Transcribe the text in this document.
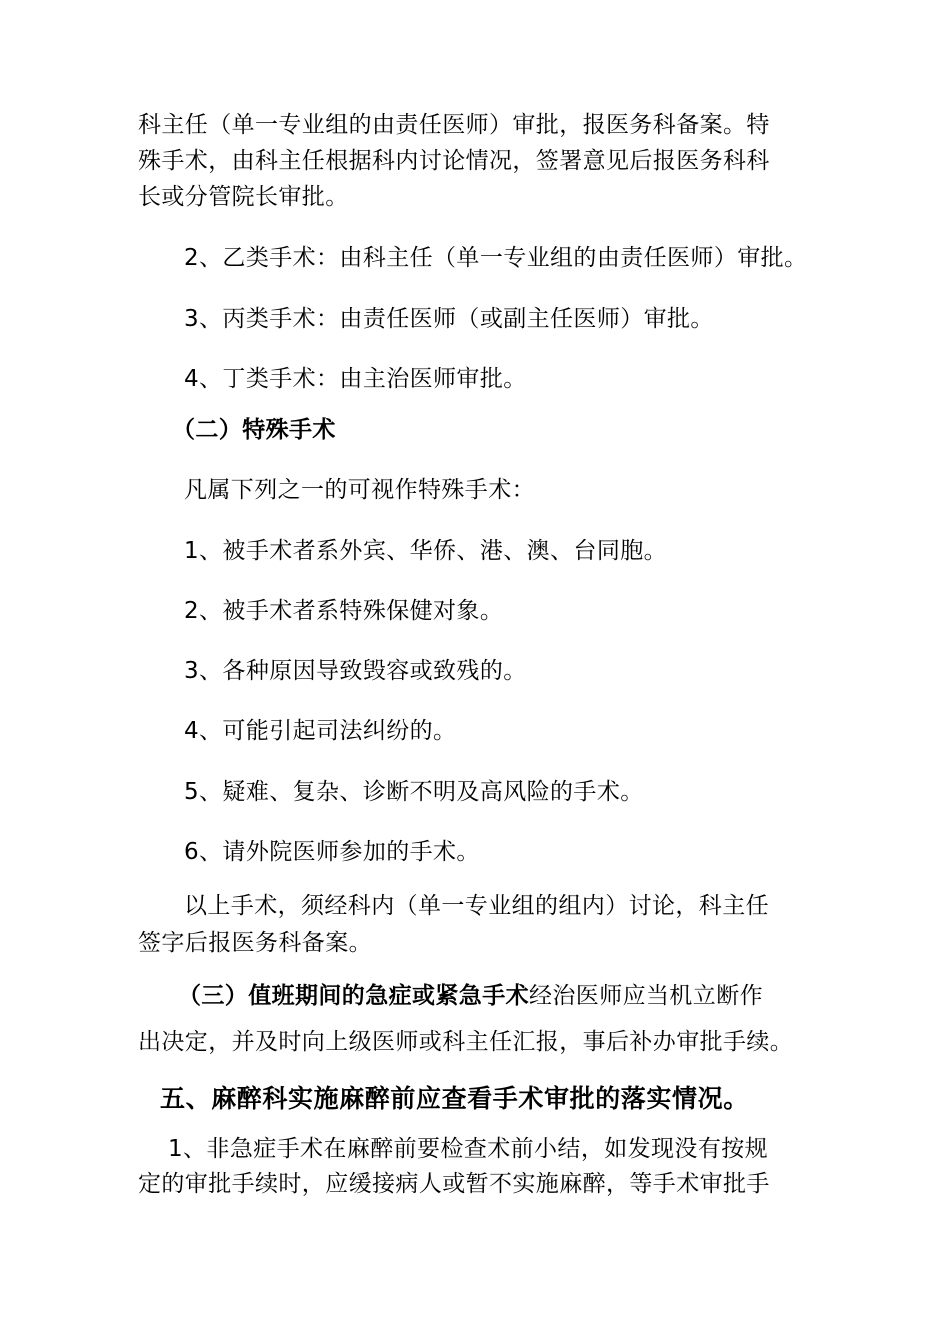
科主任（单一专业组的由责任医师）审批，报医务科备案。特
殊手术，由科主任根据科内讨论情况，签署意见后报医务科科
长或分管院长审批。
2、乙类手术：由科主任（单一专业组的由责任医师）审批。
3、丙类手术：由责任医师（或副主任医师）审批。
4、丁类手术：由主治医师审批。
（二）特殊手术
凡属下列之一的可视作特殊手术：
1、被手术者系外宾、华侨、港、澳、台同胞。
2、被手术者系特殊保健对象。
3、各种原因导致毁容或致残的。
4、可能引起司法纠纷的。
5、疑难、复杂、诊断不明及高风险的手术。
6、请外院医师参加的手术。
以上手术，须经科内（单一专业组的组内）讨论，科主任
签字后报医务科备案。
（三）值班期间的急症或紧急手术经治医师应当机立断作
出决定，并及时向上级医师或科主任汇报，事后补办审批手续。
五、麻醉科实施麻醉前应查看手术审批的落实情况。
1、非急症手术在麻醉前要检查术前小结，如发现没有按规
定的审批手续时，应缓接病人或暂不实施麻醉，等手术审批手
